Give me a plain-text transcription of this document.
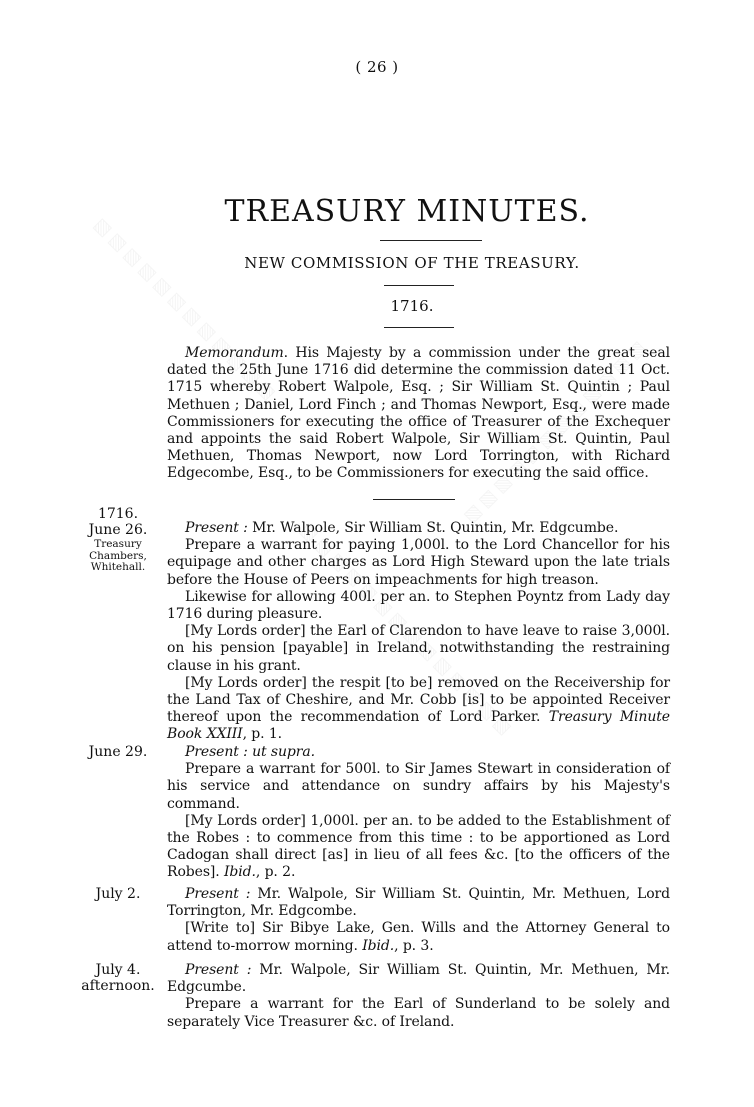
( 26 )
TREASURY MINUTES.
NEW COMMISSION OF THE TREASURY.
1716.

Memorandum. His Majesty by a commission under the great seal dated the 25th June 1716 did determine the commission dated 11 Oct. 1715 whereby Robert Walpole, Esq. ; Sir William St. Quintin ; Paul Methuen ; Daniel, Lord Finch ; and Thomas Newport, Esq., were made Commissioners for executing the office of Treasurer of the Exchequer and appoints the said Robert Walpole, Sir William St. Quintin, Paul Methuen, Thomas Newport, now Lord Torrington, with Richard Edgecombe, Esq., to be Commissioners for executing the said office.

1716.
June 26.
Treasury Chambers, Whitehall.

Present : Mr. Walpole, Sir William St. Quintin, Mr. Edgcumbe.

Prepare a warrant for paying 1,000l. to the Lord Chancellor for his equipage and other charges as Lord High Steward upon the late trials before the House of Peers on impeachments for high treason.

Likewise for allowing 400l. per an. to Stephen Poyntz from Lady day 1716 during pleasure.

[My Lords order] the Earl of Clarendon to have leave to raise 3,000l. on his pension [payable] in Ireland, notwithstanding the restraining clause in his grant.

[My Lords order] the respit [to be] removed on the Receivership for the Land Tax of Cheshire, and Mr. Cobb [is] to be appointed Receiver thereof upon the recommendation of Lord Parker. Treasury Minute Book XXIII, p. 1.

June 29.	Present : ut supra.

Prepare a warrant for 500l. to Sir James Stewart in consideration of his service and attendance on sundry affairs by his Majesty's command.

[My Lords order] 1,000l. per an. to be added to the Establishment of the Robes : to commence from this time : to be apportioned as Lord Cadogan shall direct [as] in lieu of all fees &c. [to the officers of the Robes]. Ibid., p. 2.

July 2.	Present : Mr. Walpole, Sir William St. Quintin, Mr. Methuen, Lord Torrington, Mr. Edgcombe.

[Write to] Sir Bibye Lake, Gen. Wills and the Attorney General to attend to-morrow morning. Ibid., p. 3.

July 4.
afternoon.

Present : Mr. Walpole, Sir William St. Quintin, Mr. Methuen, Mr. Edgcumbe.

Prepare a warrant for the Earl of Sunderland to be solely and separately Vice Treasurer &c. of Ireland.
